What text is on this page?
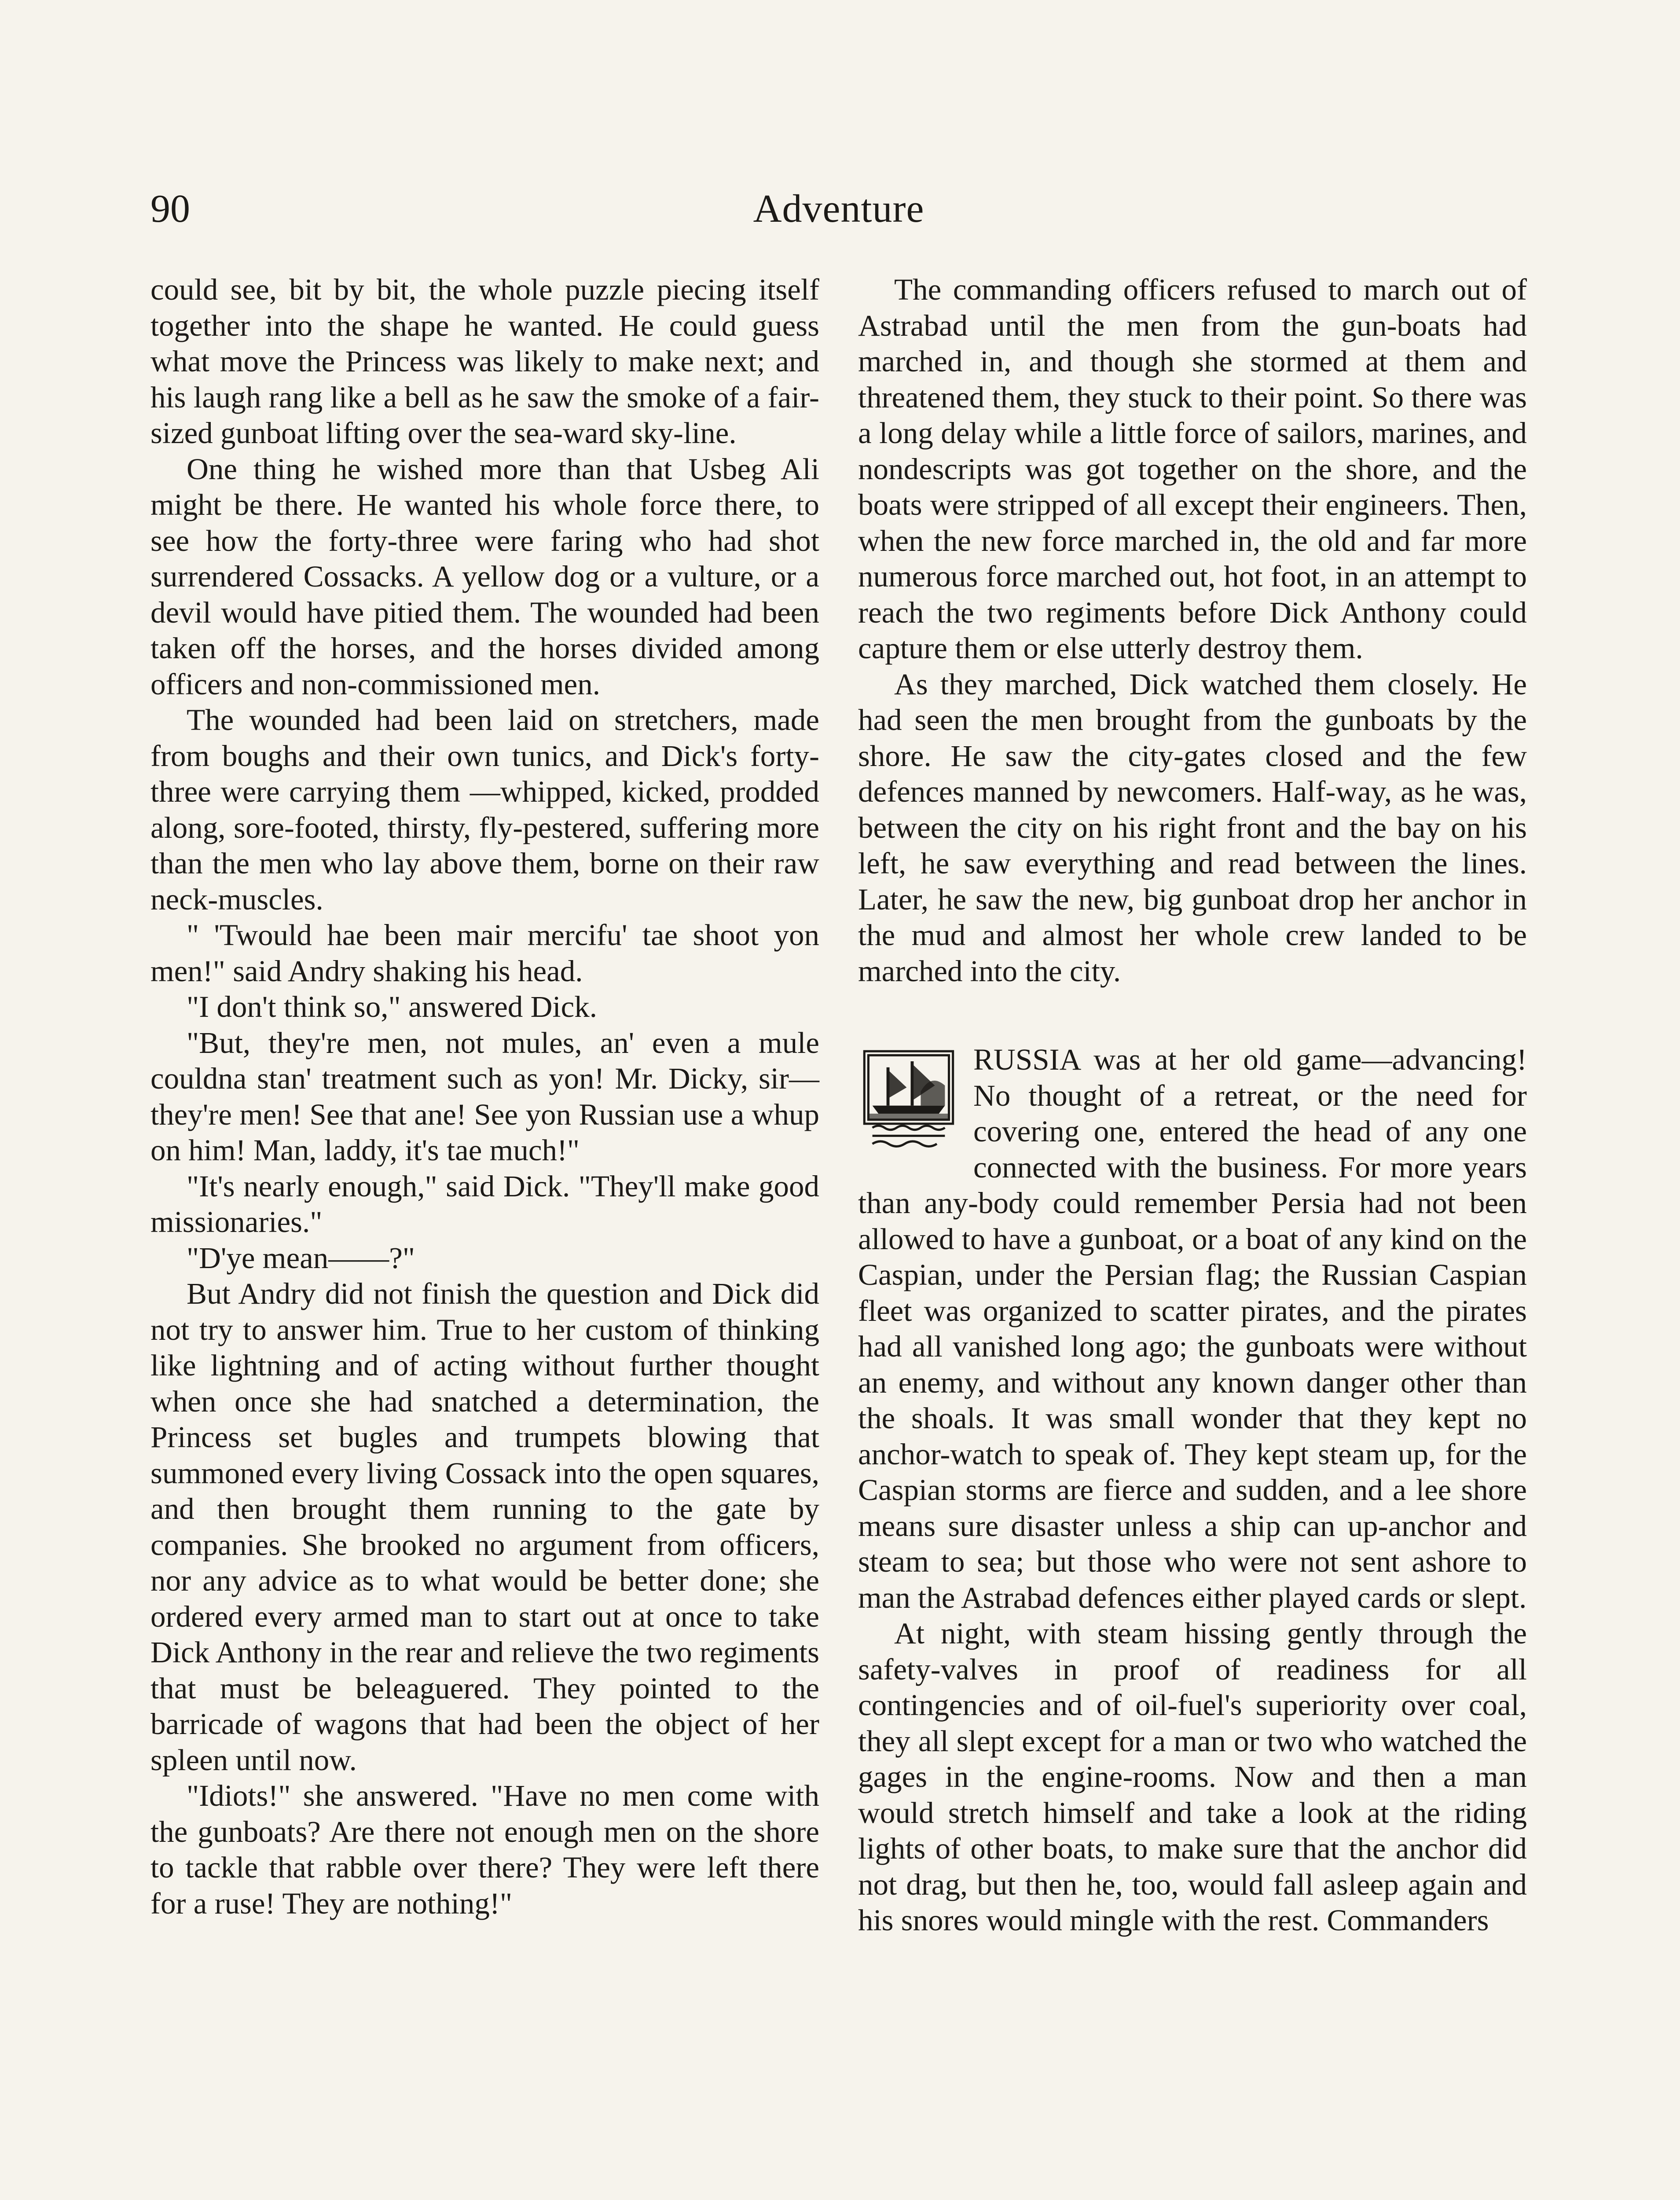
90	Adventure

could see, bit by bit, the whole puzzle piecing itself together into the shape he wanted. He could guess what move the Princess was likely to make next; and his laugh rang like a bell as he saw the smoke of a fair-sized gunboat lifting over the sea-ward sky-line.

One thing he wished more than that Usbeg Ali might be there. He wanted his whole force there, to see how the forty-three were faring who had shot surrendered Cossacks. A yellow dog or a vulture, or a devil would have pitied them. The wounded had been taken off the horses, and the horses divided among officers and non-commissioned men.

The wounded had been laid on stretchers, made from boughs and their own tunics, and Dick's forty-three were carrying them —whipped, kicked, prodded along, sore-footed, thirsty, fly-pestered, suffering more than the men who lay above them, borne on their raw neck-muscles.

" 'Twould hae been mair mercifu' tae shoot yon men!" said Andry shaking his head.

"I don't think so," answered Dick.

"But, they're men, not mules, an' even a mule couldna stan' treatment such as yon! Mr. Dicky, sir—they're men! See that ane! See yon Russian use a whup on him! Man, laddy, it's tae much!"

"It's nearly enough," said Dick. "They'll make good missionaries."

"D'ye mean——?"

But Andry did not finish the question and Dick did not try to answer him. True to her custom of thinking like lightning and of acting without further thought when once she had snatched a determination, the Princess set bugles and trumpets blowing that summoned every living Cossack into the open squares, and then brought them running to the gate by companies. She brooked no argument from officers, nor any advice as to what would be better done; she ordered every armed man to start out at once to take Dick Anthony in the rear and relieve the two regiments that must be beleaguered. They pointed to the barricade of wagons that had been the object of her spleen until now.

"Idiots!" she answered. "Have no men come with the gunboats? Are there not enough men on the shore to tackle that rabble over there? They were left there for a ruse! They are nothing!"

The commanding officers refused to march out of Astrabad until the men from the gun-boats had marched in, and though she stormed at them and threatened them, they stuck to their point. So there was a long delay while a little force of sailors, marines, and nondescripts was got together on the shore, and the boats were stripped of all except their engineers. Then, when the new force marched in, the old and far more numerous force marched out, hot foot, in an attempt to reach the two regiments before Dick Anthony could capture them or else utterly destroy them.

As they marched, Dick watched them closely. He had seen the men brought from the gunboats by the shore. He saw the city-gates closed and the few defences manned by newcomers. Half-way, as he was, between the city on his right front and the bay on his left, he saw everything and read between the lines. Later, he saw the new, big gunboat drop her anchor in the mud and almost her whole crew landed to be marched into the city.

RUSSIA was at her old game—advancing! No thought of a retreat, or the need for covering one, entered the head of any one connected with the business. For more years than any-body could remember Persia had not been allowed to have a gunboat, or a boat of any kind on the Caspian, under the Persian flag; the Russian Caspian fleet was organized to scatter pirates, and the pirates had all vanished long ago; the gunboats were without an enemy, and without any known danger other than the shoals. It was small wonder that they kept no anchor-watch to speak of. They kept steam up, for the Caspian storms are fierce and sudden, and a lee shore means sure disaster unless a ship can up-anchor and steam to sea; but those who were not sent ashore to man the Astrabad defences either played cards or slept.

At night, with steam hissing gently through the safety-valves in proof of readiness for all contingencies and of oil-fuel's superiority over coal, they all slept except for a man or two who watched the gages in the engine-rooms. Now and then a man would stretch himself and take a look at the riding lights of other boats, to make sure that the anchor did not drag, but then he, too, would fall asleep again and his snores would mingle with the rest. Commanders
